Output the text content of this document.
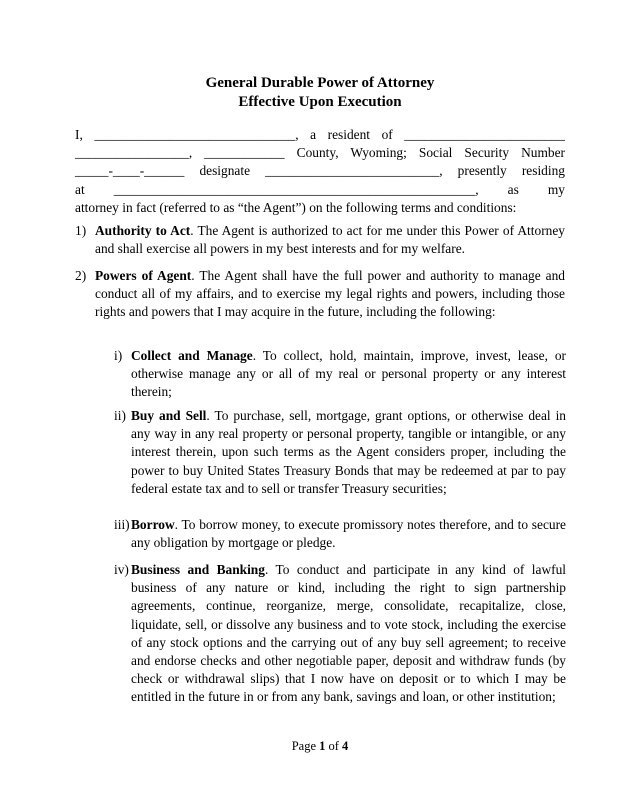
General Durable Power of Attorney
Effective Upon Execution
I, ______________________________, a resident of ________________________
_________________, ____________ County, Wyoming; Social Security Number
_____-____-______ designate __________________________, presently residing
at ______________________________________________________, as my
attorney in fact (referred to as “the Agent”) on the following terms and conditions:
1) Authority to Act. The Agent is authorized to act for me under this Power of Attorney and shall exercise all powers in my best interests and for my welfare.
2) Powers of Agent. The Agent shall have the full power and authority to manage and conduct all of my affairs, and to exercise my legal rights and powers, including those rights and powers that I may acquire in the future, including the following:
i) Collect and Manage. To collect, hold, maintain, improve, invest, lease, or otherwise manage any or all of my real or personal property or any interest therein;
ii) Buy and Sell. To purchase, sell, mortgage, grant options, or otherwise deal in any way in any real property or personal property, tangible or intangible, or any interest therein, upon such terms as the Agent considers proper, including the power to buy United States Treasury Bonds that may be redeemed at par to pay federal estate tax and to sell or transfer Treasury securities;
iii) Borrow. To borrow money, to execute promissory notes therefore, and to secure any obligation by mortgage or pledge.
iv) Business and Banking. To conduct and participate in any kind of lawful business of any nature or kind, including the right to sign partnership agreements, continue, reorganize, merge, consolidate, recapitalize, close, liquidate, sell, or dissolve any business and to vote stock, including the exercise of any stock options and the carrying out of any buy sell agreement; to receive and endorse checks and other negotiable paper, deposit and withdraw funds (by check or withdrawal slips) that I now have on deposit or to which I may be entitled in the future in or from any bank, savings and loan, or other institution;
Page 1 of 4
